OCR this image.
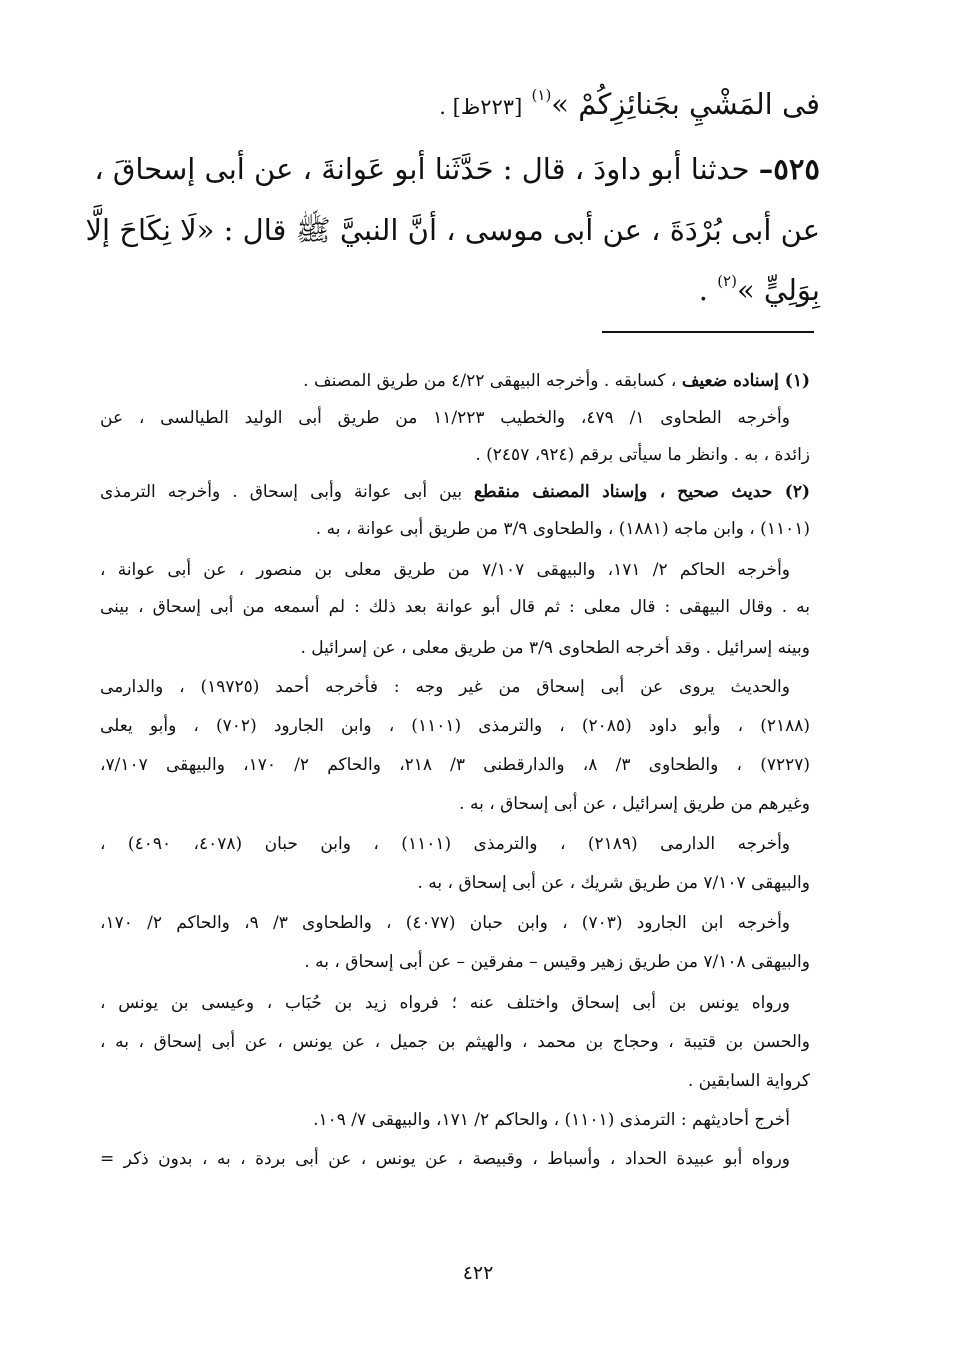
فى المَشْيِ بجَنائِزِكُمْ »$^{(١)}$ [٢٢٣ظ] .
٥٢٥– حدثنا أبو داودَ ، قال : حَدَّثَنا أبو عَوانةَ ، عن أبى إسحاقَ ،
عن أبى بُرْدَةَ ، عن أبى موسى ، أنَّ النبيَّ ﷺ قال : «لَا نِكَاحَ إلَّا
بِوَلِيٍّ »$^{(٢)}$ .
(١) إسناده ضعيف ، كسابقه . وأخرجه البيهقى ٤/٢٢ من طريق المصنف .
وأخرجه الطحاوى ١/ ٤٧٩، والخطيب ١١/٢٢٣ من طريق أبى الوليد الطيالسى ، عن
زائدة ، به . وانظر ما سيأتى برقم (٩٢٤، ٢٤٥٧) .
(٢) حديث صحيح ، وإسناد المصنف منقطع بين أبى عوانة وأبى إسحاق . وأخرجه الترمذى
(١١٠١) ، وابن ماجه (١٨٨١) ، والطحاوى ٣/٩ من طريق أبى عوانة ، به .
وأخرجه الحاكم ٢/ ١٧١، والبيهقى ٧/١٠٧ من طريق معلى بن منصور ، عن أبى عوانة ،
به . وقال البيهقى : قال معلى : ثم قال أبو عوانة بعد ذلك : لم أسمعه من أبى إسحاق ، بينى
وبينه إسرائيل . وقد أخرجه الطحاوى ٣/٩ من طريق معلى ، عن إسرائيل .
والحديث يروى عن أبى إسحاق من غير وجه : فأخرجه أحمد (١٩٧٢٥) ، والدارمى
(٢١٨٨) ، وأبو داود (٢٠٨٥) ، والترمذى (١١٠١) ، وابن الجارود (٧٠٢) ، وأبو يعلى
(٧٢٢٧) ، والطحاوى ٣/ ٨، والدارقطنى ٣/ ٢١٨، والحاكم ٢/ ١٧٠، والبيهقى ٧/١٠٧،
وغيرهم من طريق إسرائيل ، عن أبى إسحاق ، به .
وأخرجه الدارمى (٢١٨٩) ، والترمذى (١١٠١) ، وابن حبان (٤٠٧٨، ٤٠٩٠) ،
والبيهقى ٧/١٠٧ من طريق شريك ، عن أبى إسحاق ، به .
وأخرجه ابن الجارود (٧٠٣) ، وابن حبان (٤٠٧٧) ، والطحاوى ٣/ ٩، والحاكم ٢/ ١٧٠،
والبيهقى ٧/١٠٨ من طريق زهير وقيس – مفرقين – عن أبى إسحاق ، به .
ورواه يونس بن أبى إسحاق واختلف عنه ؛ فرواه زيد بن حُبَاب ، وعيسى بن يونس ،
والحسن بن قتيبة ، وحجاج بن محمد ، والهيثم بن جميل ، عن يونس ، عن أبى إسحاق ، به ،
كرواية السابقين .
أخرج أحاديثهم : الترمذى (١١٠١) ، والحاكم ٢/ ١٧١، والبيهقى ٧/ ١٠٩.
ورواه أبو عبيدة الحداد ، وأسباط ، وقبيصة ، عن يونس ، عن أبى بردة ، به ، بدون ذكر =
٤٢٢
